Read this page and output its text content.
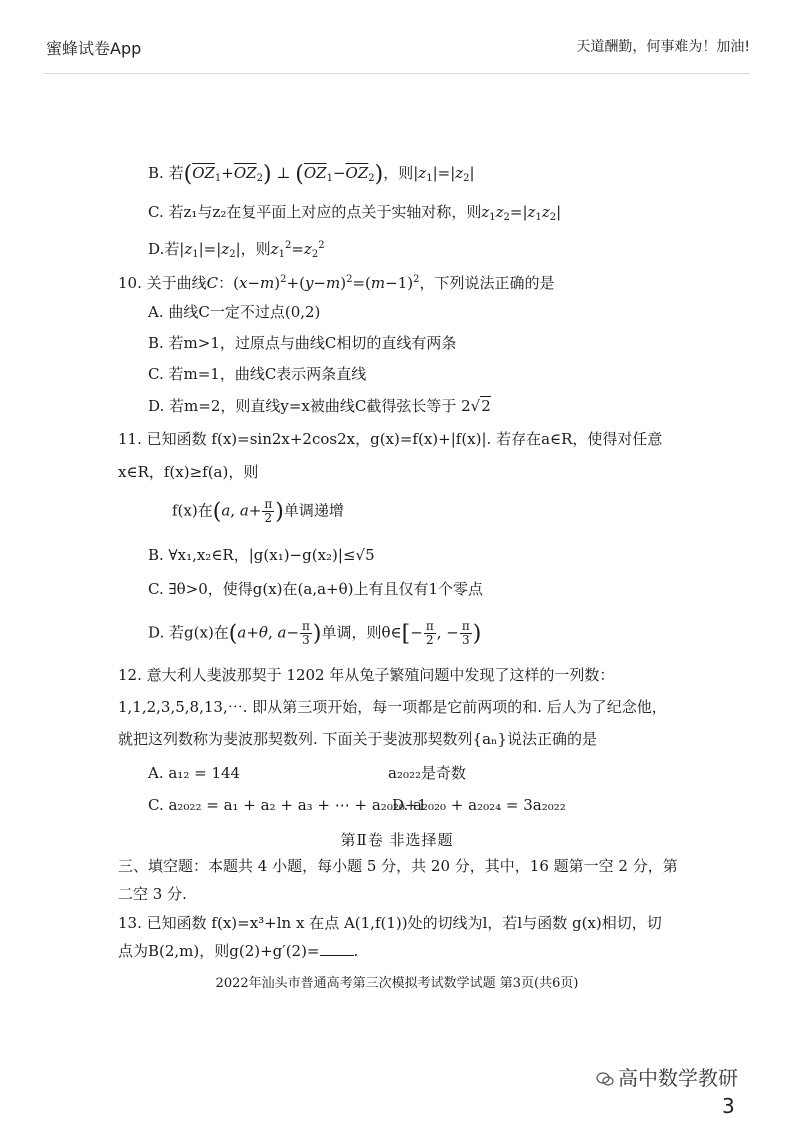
蜜蜂试卷App	天道酬勤，何事难为！加油!
B. 若$(\overline{OZ}_1+\overline{OZ}_2)$ ⊥ $(\overline{OZ}_1-\overline{OZ}_2)$，则$|z_1|=|z_2|$
C. 若z₁与z₂在复平面上对应的点关于实轴对称，则$z_1z_2=|z_1z_2|$
D.若$|z_1|=|z_2|$，则$z_1^2=z_2^2$
10. 关于曲线C：$(x-m)^2+(y-m)^2=(m-1)^2$，下列说法正确的是
A. 曲线C一定不过点(0,2)
B. 若m>1，过原点与曲线C相切的直线有两条
C. 若m=1，曲线C表示两条直线
D. 若m=2，则直线y=x被曲线C截得弦长等于 2√2
11. 已知函数 f(x)=sin2x+2cos2x，g(x)=f(x)+|f(x)|. 若存在a∈R，使得对任意
x∈R，f(x)≥f(a)，则
f(x)在(a, $a+ \frac{\pi}{2}$ )单调递增
B. ∀x₁,x₂∈R，|g(x₁)−g(x₂)|≤√5
C. ∃θ>0，使得g(x)在(a,a+θ)上有且仅有1个零点
D. 若g(x)在(a+θ, $a- \frac{\pi}{3}$ )单调，则θ∈[− $\frac{\pi}{2}$ , − $\frac{\pi}{3}$ )
12. 意大利人斐波那契于 1202 年从兔子繁殖问题中发现了这样的一列数：
1,1,2,3,5,8,13,⋯. 即从第三项开始，每一项都是它前两项的和. 后人为了纪念他，
就把这列数称为斐波那契数列. 下面关于斐波那契数列{aₙ}说法正确的是
A. a₁₂ = 144	a₂₀₂₂是奇数
C. a₂₀₂₂ = a₁ + a₂ + a₃ + ⋯ + a₂₀₂₀+1
D. a₂₀₂₀ + a₂₀₂₄ = 3a₂₀₂₂
第Ⅱ卷 非选择题
三、填空题：本题共 4 小题，每小题 5 分，共 20 分，其中，16 题第一空 2 分，第
二空 3 分.
13. 已知函数 f(x)=x³+ln x 在点 A(1,f(1))处的切线为l，若l与函数 g(x)相切，切
点为B(2,m)，则g(2)+g′(2)= .
2022年汕头市普通高考第三次模拟考试数学试题 第3页(共6页)
高中数学教研
3
